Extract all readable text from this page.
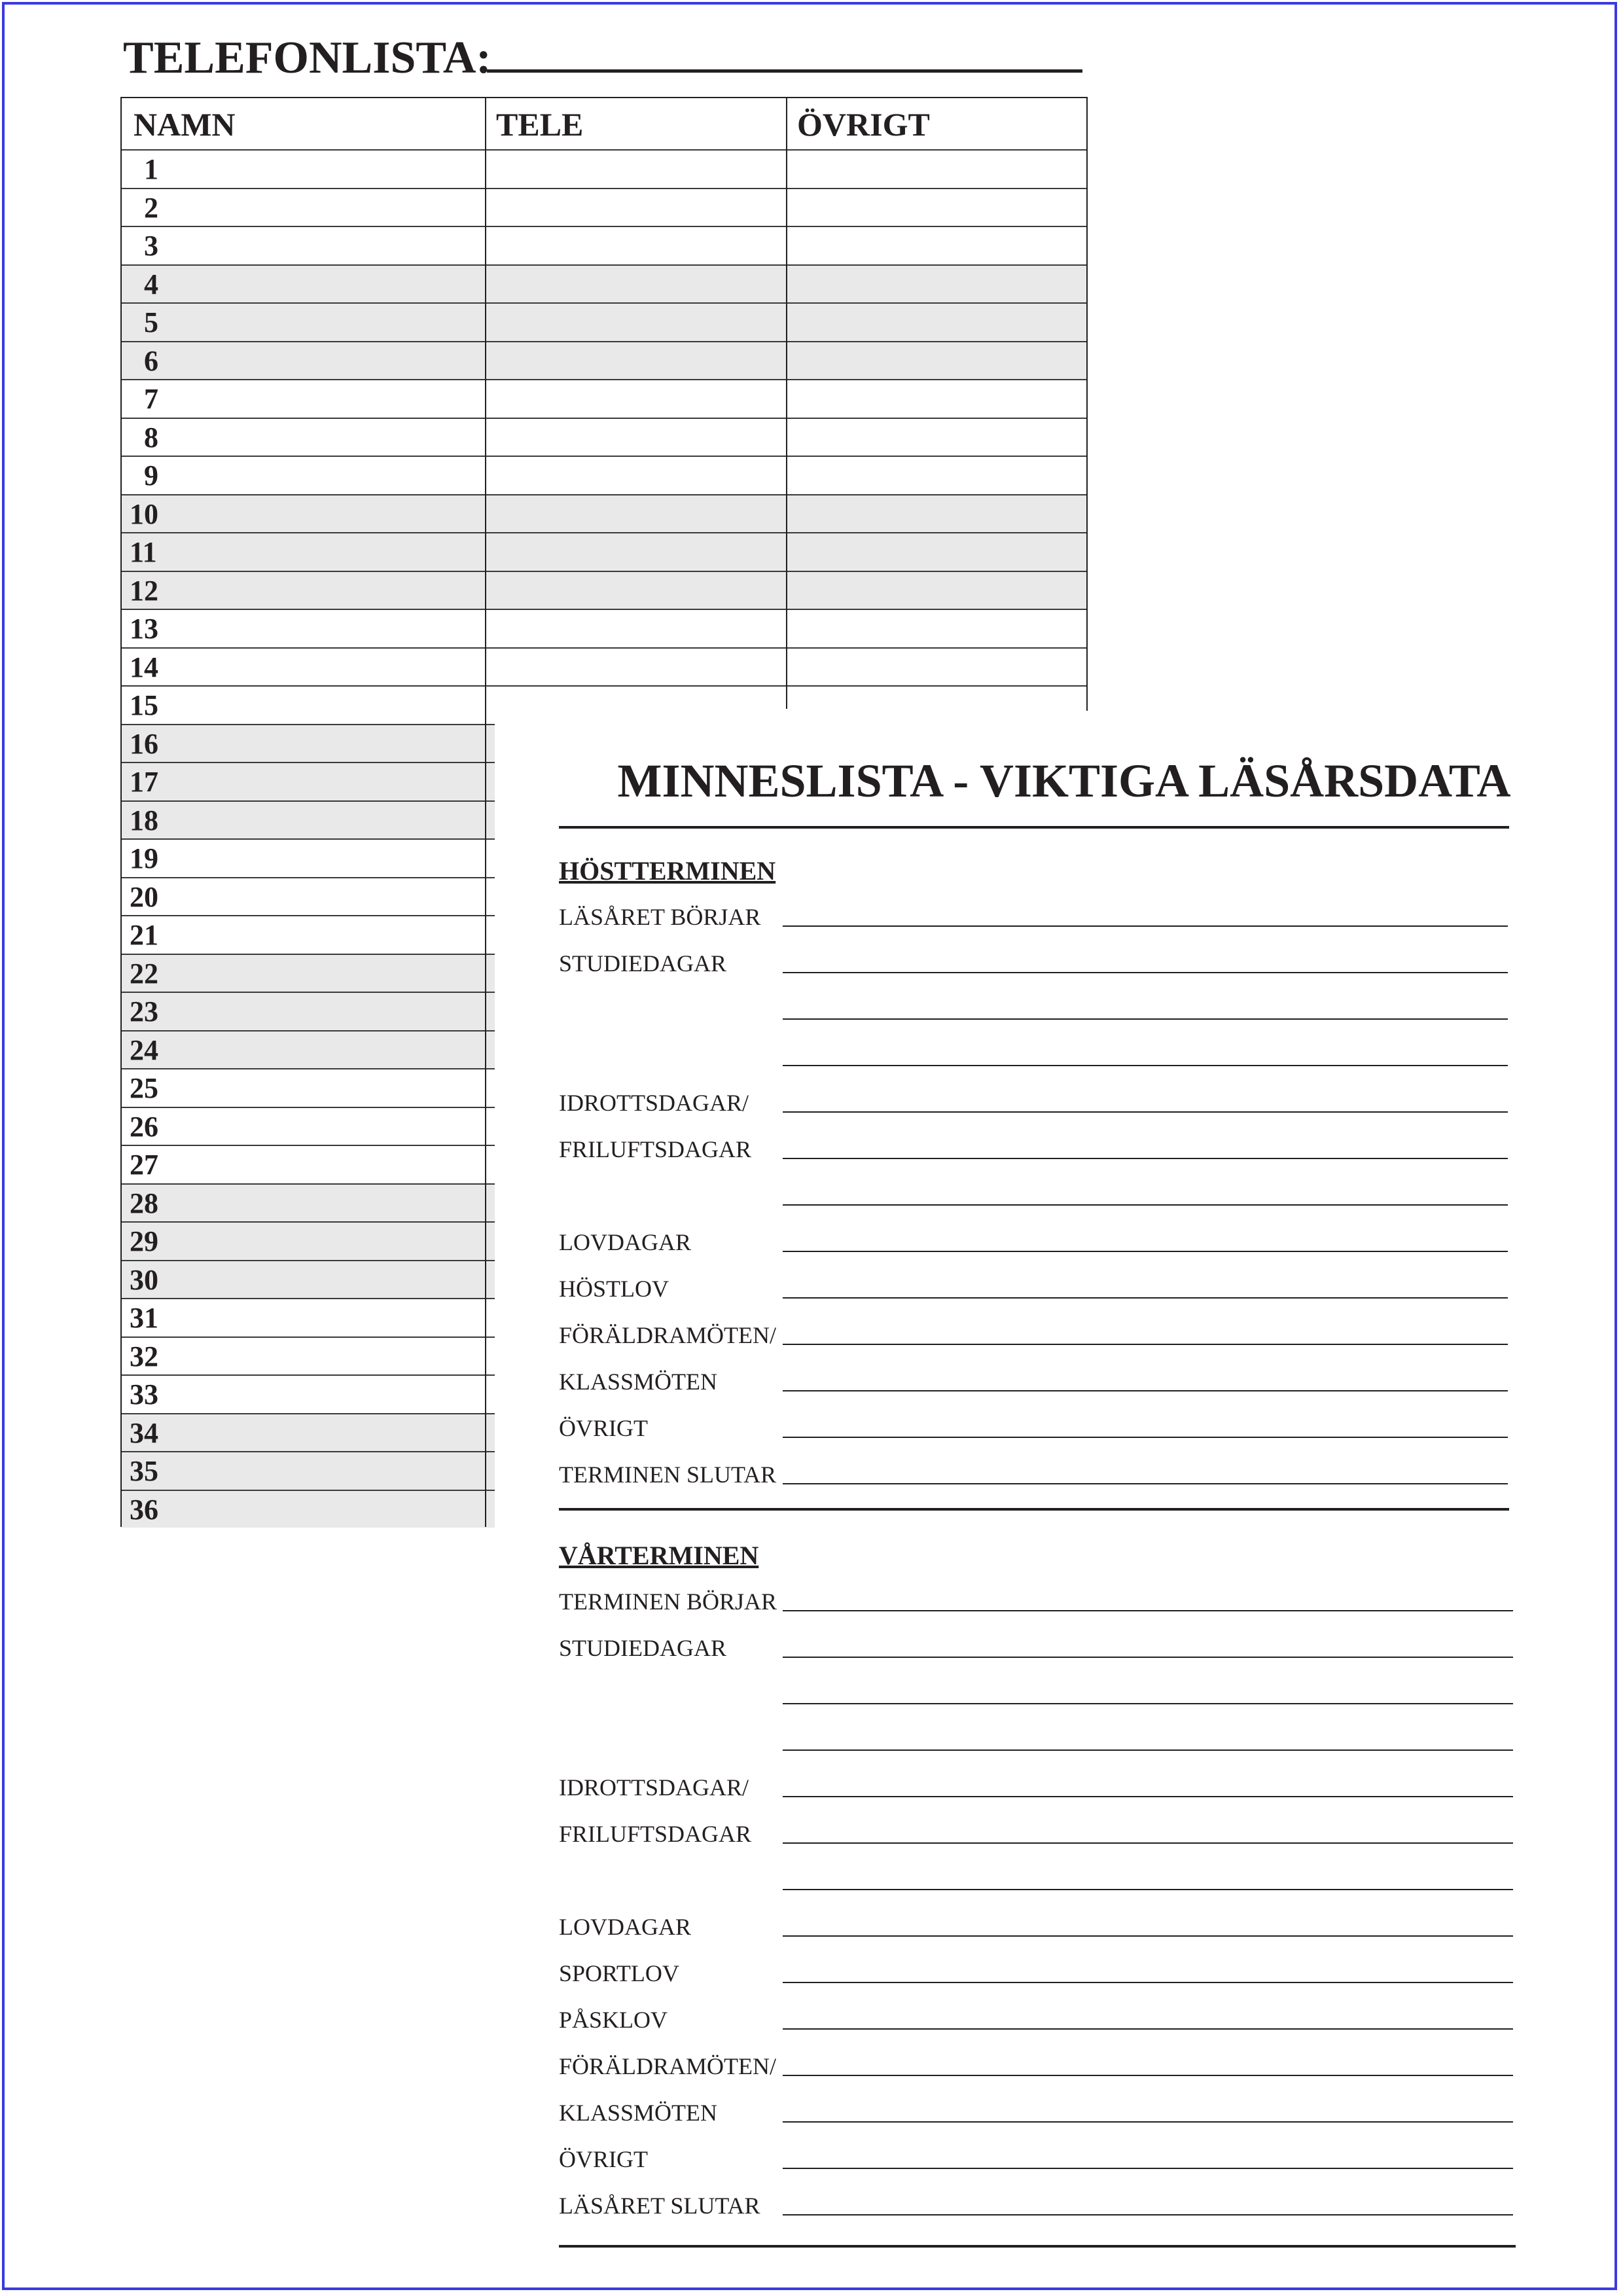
TELEFONLISTA:
NAMN	TELE	ÖVRIGT
1
2
3
4
5
6
7
8
9
10
11
12
13
14
15
16
17
18
19
20
21
22
23
24
25
26
27
28
29
30
31
32
33
34
35
36
MINNESLISTA - VIKTIGA LÄSÅRSDATA
HÖSTTERMINEN
LÄSÅRET BÖRJAR
STUDIEDAGAR
IDROTTSDAGAR/
FRILUFTSDAGAR
LOVDAGAR
HÖSTLOV
FÖRÄLDRAMÖTEN/
KLASSMÖTEN
ÖVRIGT
TERMINEN SLUTAR
VÅRTERMINEN
TERMINEN BÖRJAR
STUDIEDAGAR
IDROTTSDAGAR/
FRILUFTSDAGAR
LOVDAGAR
SPORTLOV
PÅSKLOV
FÖRÄLDRAMÖTEN/
KLASSMÖTEN
ÖVRIGT
LÄSÅRET SLUTAR
